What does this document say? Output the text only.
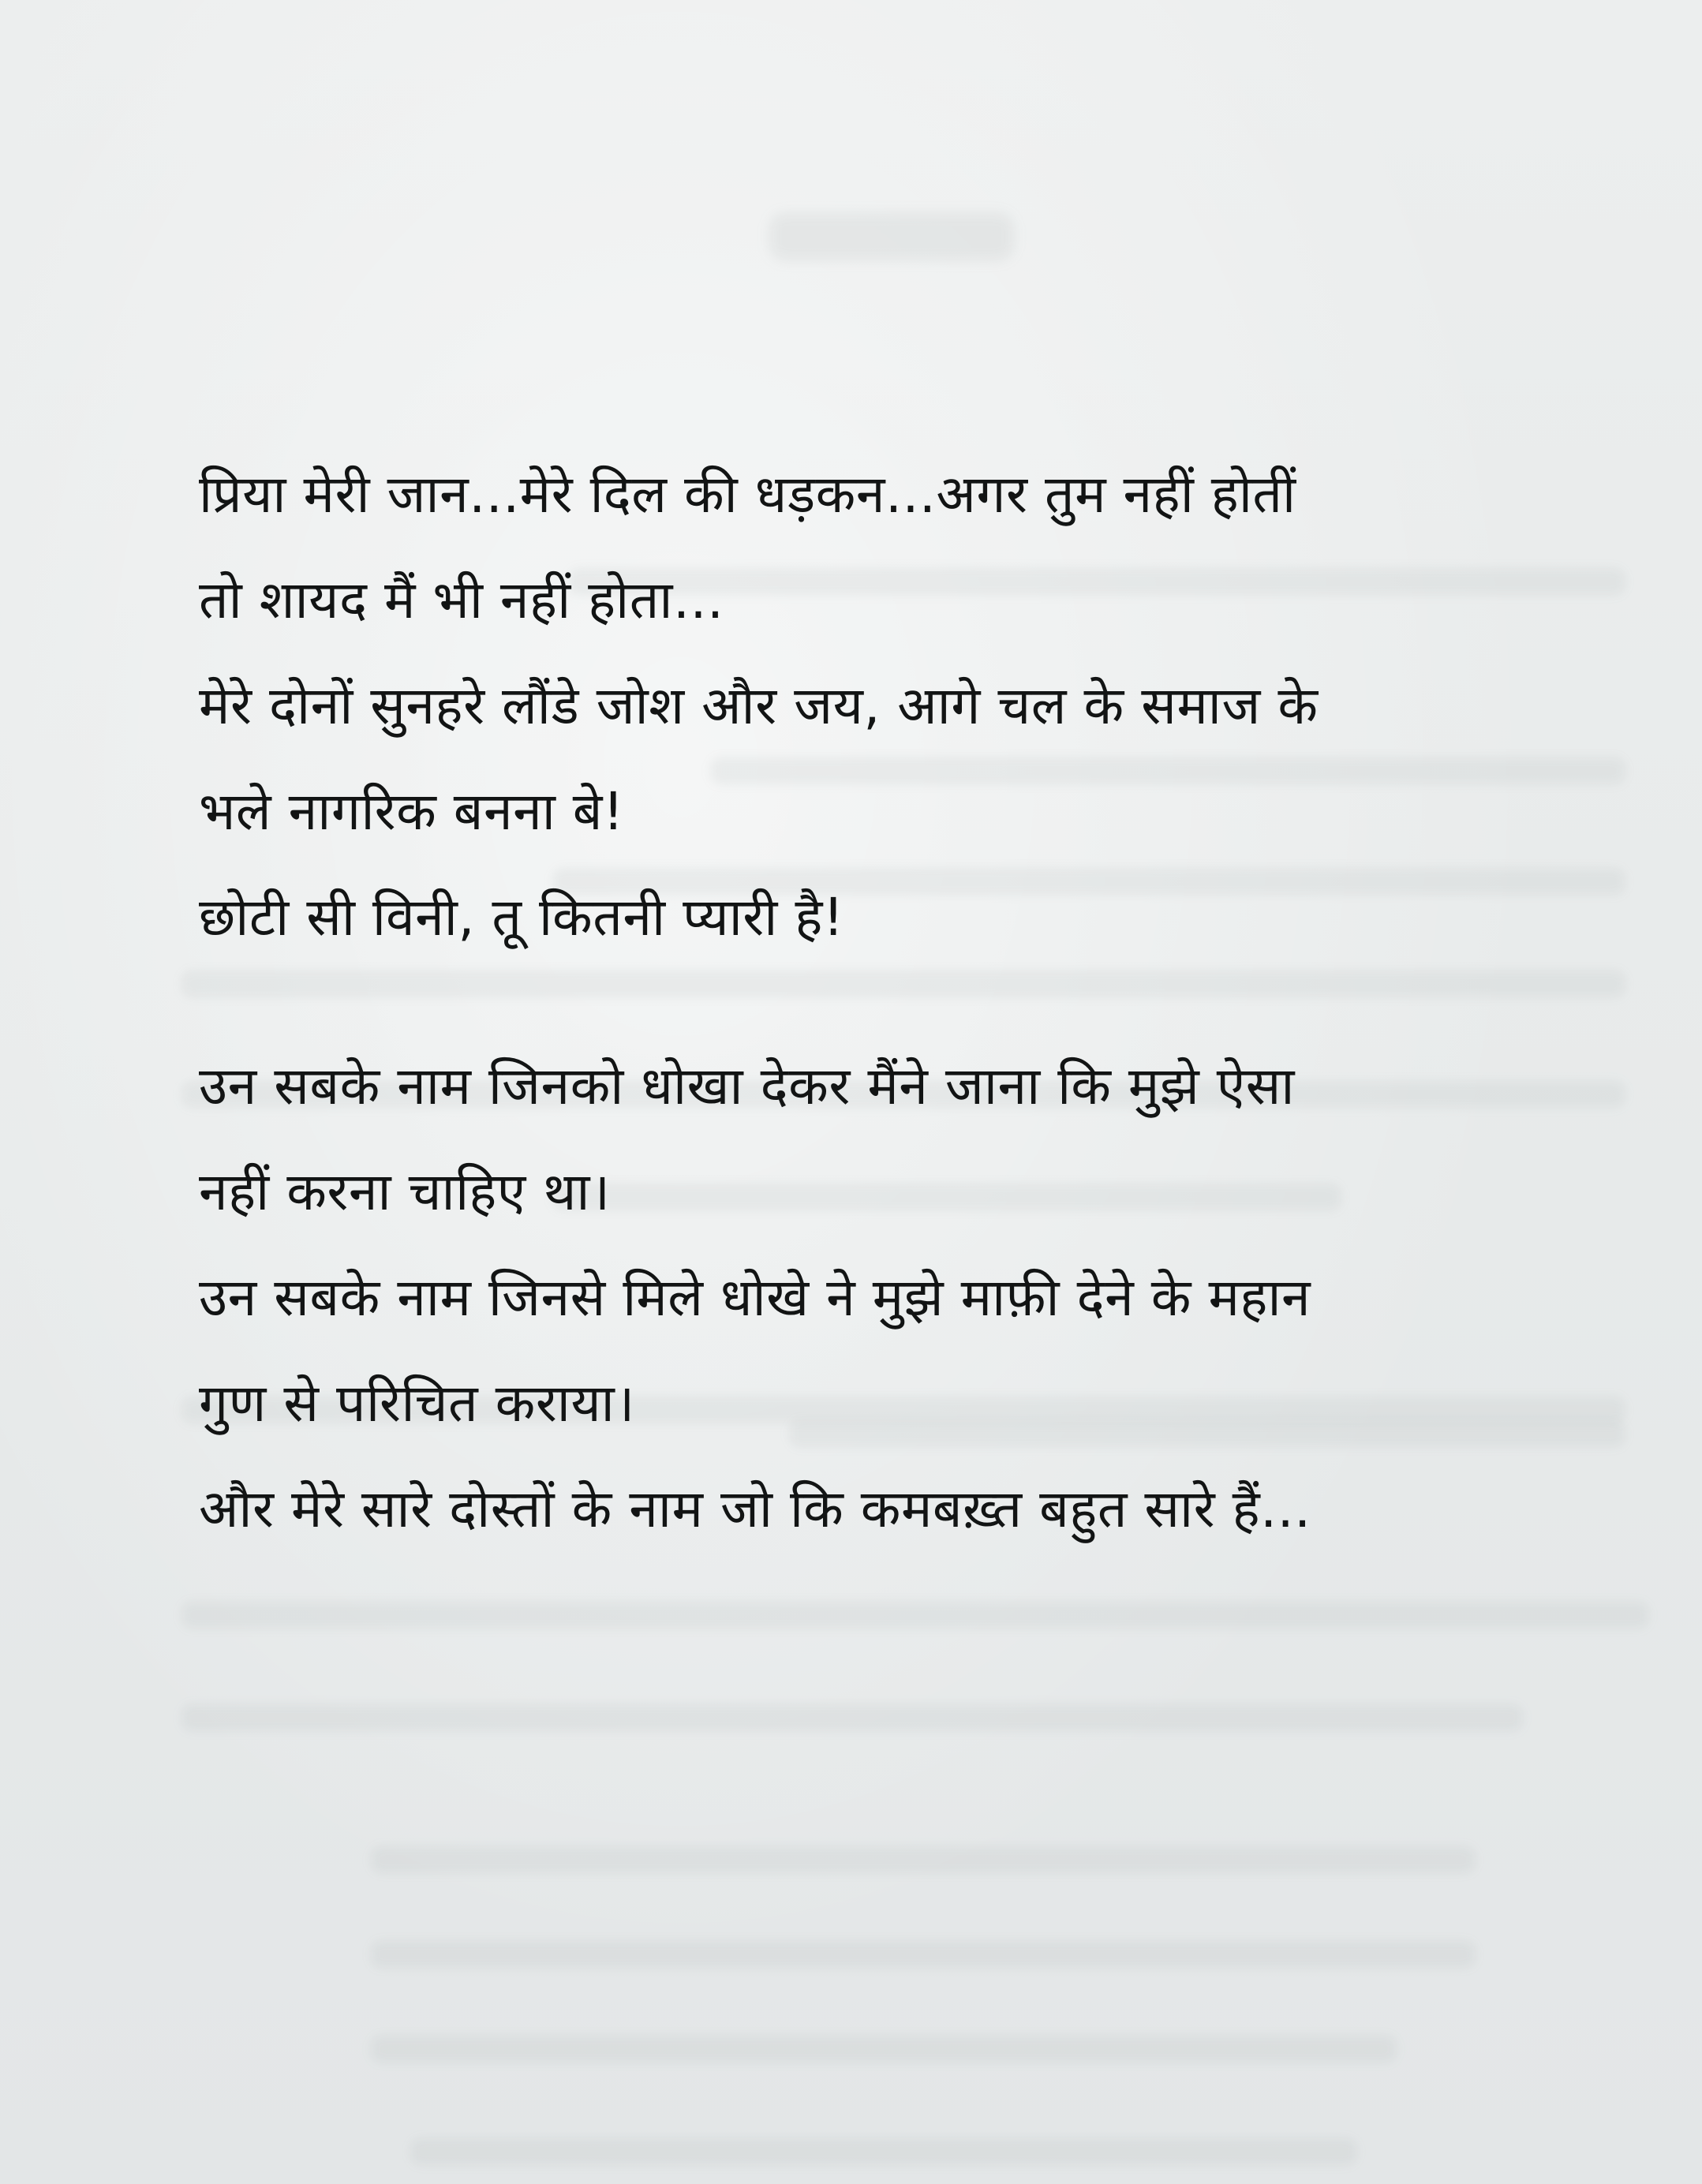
प्रिया मेरी जान...मेरे दिल की धड़कन...अगर तुम नहीं होतीं
तो शायद मैं भी नहीं होता...

मेरे दोनों सुनहरे लौंडे जोश और जय, आगे चल के समाज के
भले नागरिक बनना बे!

छोटी सी विनी, तू कितनी प्यारी है!

उन सबके नाम जिनको धोखा देकर मैंने जाना कि मुझे ऐसा
नहीं करना चाहिए था।

उन सबके नाम जिनसे मिले धोखे ने मुझे माफ़ी देने के महान
गुण से परिचित कराया।

और मेरे सारे दोस्तों के नाम जो कि कमबख़्त बहुत सारे हैं...
